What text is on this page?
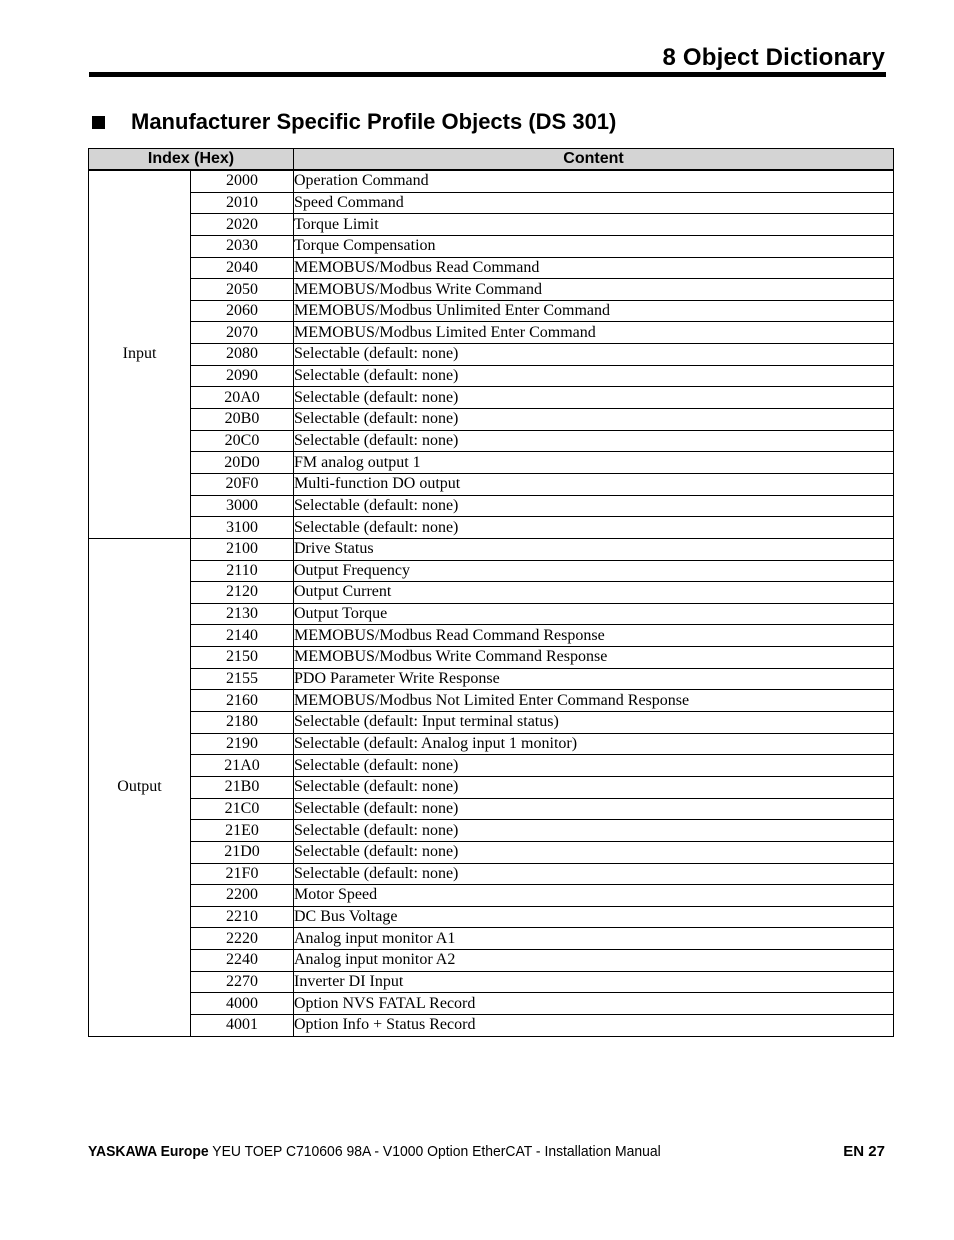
8 Object Dictionary
Manufacturer Specific Profile Objects (DS 301)
Index (Hex)		Content
Input	2000	Operation Command
	2010	Speed Command
	2020	Torque Limit
	2030	Torque Compensation
	2040	MEMOBUS/Modbus Read Command
	2050	MEMOBUS/Modbus Write Command
	2060	MEMOBUS/Modbus Unlimited Enter Command
	2070	MEMOBUS/Modbus Limited Enter Command
	2080	Selectable (default: none)
	2090	Selectable (default: none)
	20A0	Selectable (default: none)
	20B0	Selectable (default: none)
	20C0	Selectable (default: none)
	20D0	FM analog output 1
	20F0	Multi-function DO output
	3000	Selectable (default: none)
	3100	Selectable (default: none)
Output	2100	Drive Status
	2110	Output Frequency
	2120	Output Current
	2130	Output Torque
	2140	MEMOBUS/Modbus Read Command Response
	2150	MEMOBUS/Modbus Write Command Response
	2155	PDO Parameter Write Response
	2160	MEMOBUS/Modbus Not Limited Enter Command Response
	2180	Selectable (default: Input terminal status)
	2190	Selectable (default: Analog input 1 monitor)
	21A0	Selectable (default: none)
	21B0	Selectable (default: none)
	21C0	Selectable (default: none)
	21E0	Selectable (default: none)
	21D0	Selectable (default: none)
	21F0	Selectable (default: none)
	2200	Motor Speed
	2210	DC Bus Voltage
	2220	Analog input monitor A1
	2240	Analog input monitor A2
	2270	Inverter DI Input
	4000	Option NVS FATAL Record
	4001	Option Info + Status Record
YASKAWA Europe YEU TOEP C710606 98A - V1000 Option EtherCAT - Installation Manual	EN 27
